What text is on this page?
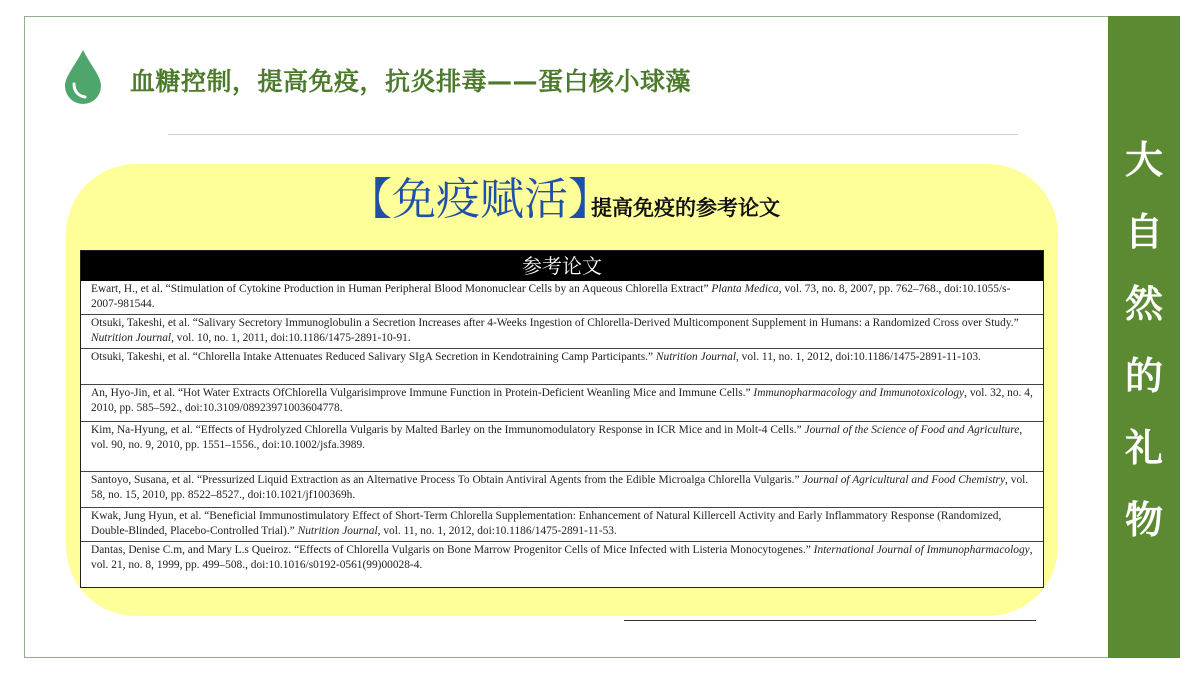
血糖控制，提高免疫，抗炎排毒——蛋白核小球藻
大
自
然
的
礼
物
【免疫赋活】
提高免疫的参考论文
参考论文
Ewart, H., et al. “Stimulation of Cytokine Production in Human Peripheral Blood Mononuclear Cells by an Aqueous Chlorella Extract” Planta Medica, vol. 73, no. 8, 2007, pp. 762–768., doi:10.1055/s-2007-981544.
Otsuki, Takeshi, et al. “Salivary Secretory Immunoglobulin a Secretion Increases after 4-Weeks Ingestion of Chlorella-Derived Multicomponent Supplement in Humans: a Randomized Cross over Study.” Nutrition Journal, vol. 10, no. 1, 2011, doi:10.1186/1475-2891-10-91.
Otsuki, Takeshi, et al. “Chlorella Intake Attenuates Reduced Salivary SIgA Secretion in Kendotraining Camp Participants.” Nutrition Journal, vol. 11, no. 1, 2012, doi:10.1186/1475-2891-11-103.
An, Hyo-Jin, et al. “Hot Water Extracts OfChlorella Vulgarisimprove Immune Function in Protein-Deficient Weanling Mice and Immune Cells.” Immunopharmacology and Immunotoxicology, vol. 32, no. 4, 2010, pp. 585–592., doi:10.3109/08923971003604778.
Kim, Na-Hyung, et al. “Effects of Hydrolyzed Chlorella Vulgaris by Malted Barley on the Immunomodulatory Response in ICR Mice and in Molt-4 Cells.” Journal of the Science of Food and Agriculture, vol. 90, no. 9, 2010, pp. 1551–1556., doi:10.1002/jsfa.3989.
Santoyo, Susana, et al. “Pressurized Liquid Extraction as an Alternative Process To Obtain Antiviral Agents from the Edible Microalga Chlorella Vulgaris.” Journal of Agricultural and Food Chemistry, vol. 58, no. 15, 2010, pp. 8522–8527., doi:10.1021/jf100369h.
Kwak, Jung Hyun, et al. “Beneficial Immunostimulatory Effect of Short-Term Chlorella Supplementation: Enhancement of Natural Killercell Activity and Early Inflammatory Response (Randomized, Double-Blinded, Placebo-Controlled Trial).” Nutrition Journal, vol. 11, no. 1, 2012, doi:10.1186/1475-2891-11-53.
Dantas, Denise C.m, and Mary L.s Queiroz. “Effects of Chlorella Vulgaris on Bone Marrow Progenitor Cells of Mice Infected with Listeria Monocytogenes.” International Journal of Immunopharmacology, vol. 21, no. 8, 1999, pp. 499–508., doi:10.1016/s0192-0561(99)00028-4.
